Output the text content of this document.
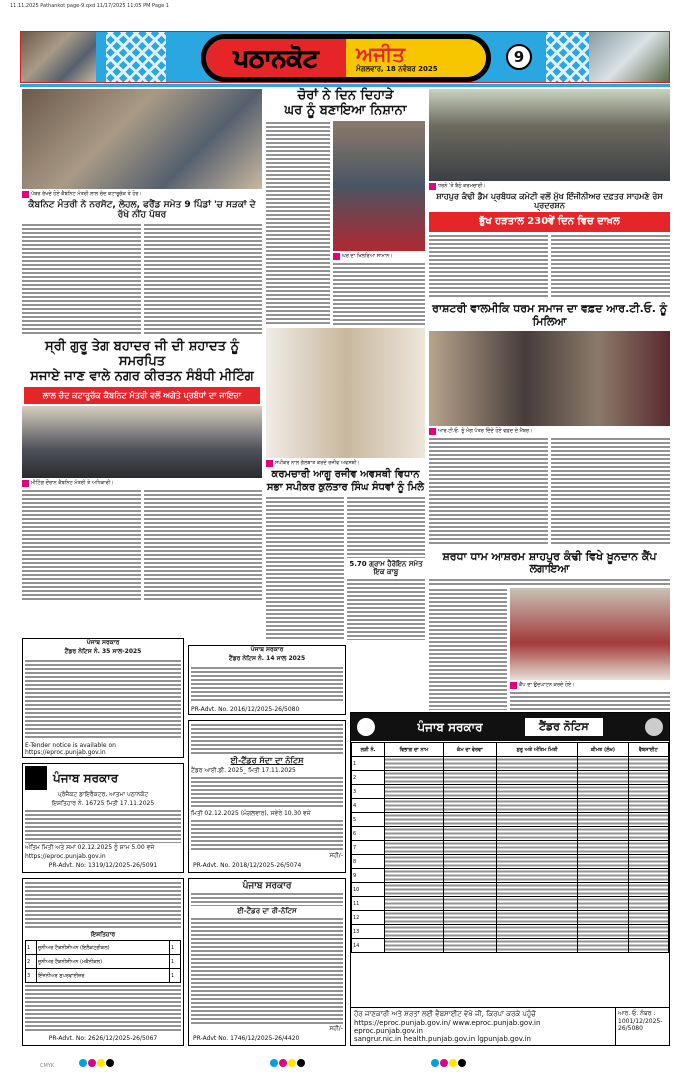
11.11.2025 Pathankot page-9.qxd 11/17/2025 11:05 PM Page 1
ਪਠਾਨਕੋਟ	ਅਜੀਤ
ਮੰਗਲਵਾਰ, 18 ਨਵੰਬਰ 2025
9
ਪੱਥਰ ਰੱਖਦੇ ਹੋਏ ਕੈਬਨਿਟ ਮੰਤਰੀ ਲਾਲ ਚੰਦ ਕਟਾਰੂਚੱਕ ਤੇ ਹੋਰ।
ਕੈਬਨਿਟ ਮੰਤਰੀ ਨੇ ਨਰਸੋਟ, ਲੇਹਲ, ਫਰੈਂਡ ਸਮੇਤ 9 ਪਿੰਡਾਂ 'ਚ ਸੜਕਾਂ ਦੇ ਰੱਖੇ ਨੀਂਹ ਪੱਥਰ
ਸ੍ਰੀ ਗੁਰੂ ਤੇਗ ਬਹਾਦਰ ਜੀ ਦੀ ਸ਼ਹਾਦਤ ਨੂੰ ਸਮਰਪਿਤ
ਸਜਾਏ ਜਾਣ ਵਾਲੇ ਨਗਰ ਕੀਰਤਨ ਸੰਬੰਧੀ ਮੀਟਿੰਗ
ਲਾਲ ਚੰਦ ਕਟਾਰੂਚੱਕ ਕੈਬਨਿਟ ਮੰਤਰੀ ਵਲੋਂ ਅਗੇਤੇ ਪ੍ਰਬੰਧਾਂ ਦਾ ਜਾਇਜ਼ਾ
ਮੀਟਿੰਗ ਦੌਰਾਨ ਕੈਬਨਿਟ ਮੰਤਰੀ ਤੇ ਅਧਿਕਾਰੀ।
ਚੋਰਾਂ ਨੇ ਦਿਨ ਦਿਹਾੜੇ
ਘਰ ਨੂੰ ਬਣਾਇਆ ਨਿਸ਼ਾਨਾ
ਘਰ ਦਾ ਖਿਲਰਿਆ ਸਾਮਾਨ।
ਸਪੀਕਰ ਨਾਲ ਗੱਲਬਾਤ ਕਰਦੇ ਰਜੀਵ ਅਵਸਥੀ।
ਕਰਮਚਾਰੀ ਆਗੂ ਰਜੀਵ ਅਵਸਥੀ ਵਿਧਾਨ
ਸਭਾ ਸਪੀਕਰ ਕੁਲਤਾਰ ਸਿੰਘ ਸੰਧਵਾਂ ਨੂੰ ਮਿਲੇ
5.70 ਗ੍ਰਾਮ ਹੈਰੋਇਨ ਸਮੇਤ ਇਕ ਕਾਬੂ
ਧਰਨੇ 'ਤੇ ਬੈਠੇ ਕਰਮਚਾਰੀ।
ਸ਼ਾਹਪੁਰ ਕੰਢੀ ਡੈਮ ਪ੍ਰਬੰਧਕ ਕਮੇਟੀ ਵਲੋਂ ਮੁੱਖ ਇੰਜੀਨੀਅਰ ਦਫ਼ਤਰ ਸਾਹਮਣੇ ਰੋਸ ਪ੍ਰਦਰਸ਼ਨ
ਭੁੱਖ ਹੜਤਾਲ 230ਵੇਂ ਦਿਨ ਵਿਚ ਦਾਖ਼ਲ
ਰਾਸ਼ਟਰੀ ਵਾਲਮੀਕਿ ਧਰਮ ਸਮਾਜ ਦਾ ਵਫ਼ਦ ਆਰ.ਟੀ.ਓ. ਨੂੰ ਮਿਲਿਆ
ਆਰ.ਟੀ.ਓ. ਨੂੰ ਮੰਗ ਪੱਤਰ ਦਿੰਦੇ ਹੋਏ ਵਫ਼ਦ ਦੇ ਮੈਂਬਰ।
ਸ਼ਰਧਾ ਧਾਮ ਆਸ਼ਰਮ ਸ਼ਾਹਪੁਰ ਕੰਢੀ ਵਿਖੇ ਖ਼ੂਨਦਾਨ ਕੈਂਪ ਲਗਾਇਆ
ਕੈਂਪ ਦਾ ਉਦਘਾਟਨ ਕਰਦੇ ਹੋਏ।
ਪੰਜਾਬ ਸਰਕਾਰ
ਟੈਂਡਰ ਨੋਟਿਸ ਨੰ. 35 ਸਾਲ-2025
E-Tender notice is available on https://eproc.punjab.gov.in
ਪੰਜਾਬ ਸਰਕਾਰ
ਟੈਂਡਰ ਨੋਟਿਸ ਨੰ. 14 ਸਾਲ 2025
PR-Advt. No. 2016/12/2025-26/5080
ਪੰਜਾਬ ਸਰਕਾਰ
ਪ੍ਰੋਜੈਕਟ ਡਾਇਰੈਕਟਰ, ਆਤਮਾ ਪਠਾਨਕੋਟ
ਇਸ਼ਤਿਹਾਰ ਨੰ. 16725 ਮਿਤੀ 17.11.2025
ਅੰਤਿਮ ਮਿਤੀ ਅਤੇ ਸਮਾਂ 02.12.2025 ਨੂੰ ਸ਼ਾਮ 5.00 ਵਜੇ
https://eproc.punjab.gov.in
PR-Advt. No: 1319/12/2025-26/5091
ਈ-ਟੈਂਡਰ ਸੱਦਾ ਦਾ ਨੋਟਿਸ
ਟੈਂਡਰ ਆਈ.ਡੀ. 2025_ ਮਿਤੀ 17.11.2025
ਮਿਤੀ 02.12.2025 (ਮੰਗਲਵਾਰ), ਸਵੇਰੇ 10.30 ਵਜੇ
ਸਹੀ/-
PR-Advt. No. 2018/12/2025-26/5074
ਇਸ਼ਤਿਹਾਰ
1	ਜੂਨੀਅਰ ਟੈਕਨੀਸ਼ੀਅਨ (ਇਲੈਕਟ੍ਰੀਕਲ)	1
2	ਜੂਨੀਅਰ ਟੈਕਨੀਸ਼ੀਅਨ (ਮਕੈਨੀਕਲ)	1
3	ਇੰਜਨੀਅਰ ਸੁਪਰਵਾਈਜ਼ਰ	1
PR-Advt. No: 2626/12/2025-26/5067
ਪੰਜਾਬ ਸਰਕਾਰ
ਈ-ਟੈਂਡਰ ਦਾ ਰੀ-ਨੋਟਿਸ
ਸਹੀ/-
PR-Advt No. 1746/12/2025-26/4420
ਪੰਜਾਬ ਸਰਕਾਰ	ਟੈਂਡਰ ਨੋਟਿਸ
ਲੜੀ ਨੰ.	ਵਿਭਾਗ ਦਾ ਨਾਮ	ਕੰਮ ਦਾ ਵੇਰਵਾ	ਸ਼ੁਰੂ ਅਤੇ ਅੰਤਿਮ ਮਿਤੀ	ਕੀਮਤ (ਲੱਖ)	ਵੈਬਸਾਈਟ
1					
2					
3					
4					
5					
6					
7					
8					
9					
10					
11					
12					
13					
14					
ਹੋਰ ਜਾਣਕਾਰੀ ਅਤੇ ਸ਼ਰਤਾਂ ਲਈ ਵੈਬਸਾਈਟ ਵੇਖੋ ਜੀ, ਕਿਰਪਾ ਕਰਕੇ ਪਹੁੰਚੋ
https://eproc.punjab.gov.in/ www.eproc.punjab.gov.in eproc.punjab.gov.in
sangrur.nic.in health.punjab.gov.in lgpunjab.gov.in
ਆਰ. ਓ. ਨੰਬਰ :
1001/12/2025-26/5080
CMYK
